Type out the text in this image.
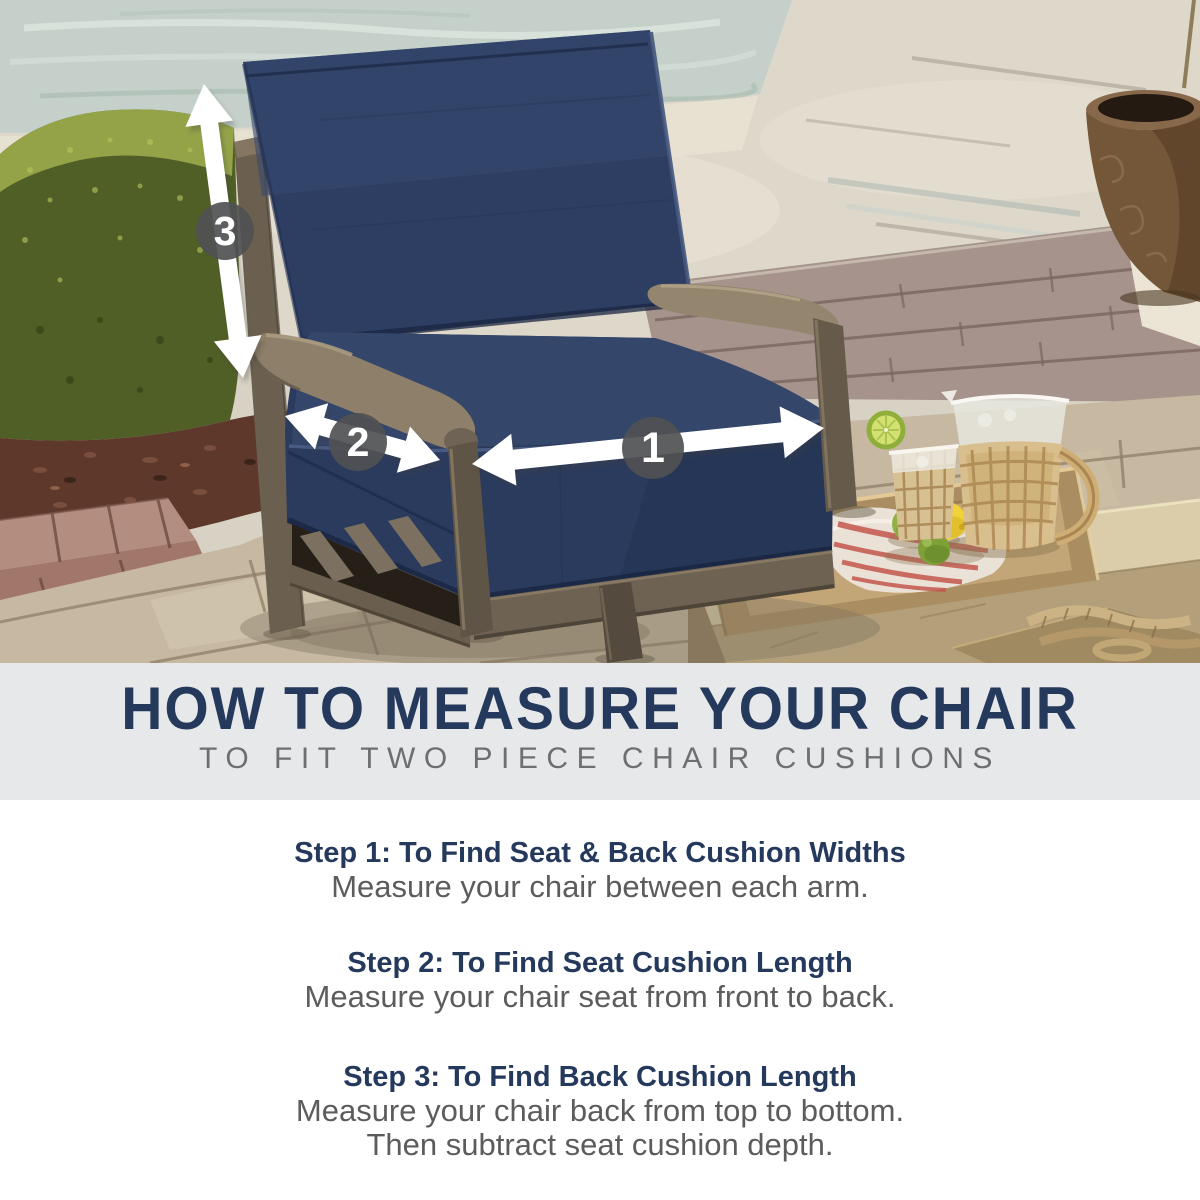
1
2
3
HOW TO MEASURE YOUR CHAIR
TO FIT TWO PIECE CHAIR CUSHIONS
Step 1: To Find Seat & Back Cushion Widths
Measure your chair between each arm.
Step 2: To Find Seat Cushion Length
Measure your chair seat from front to back.
Step 3: To Find Back Cushion Length
Measure your chair back from top to bottom.
Then subtract seat cushion depth.
